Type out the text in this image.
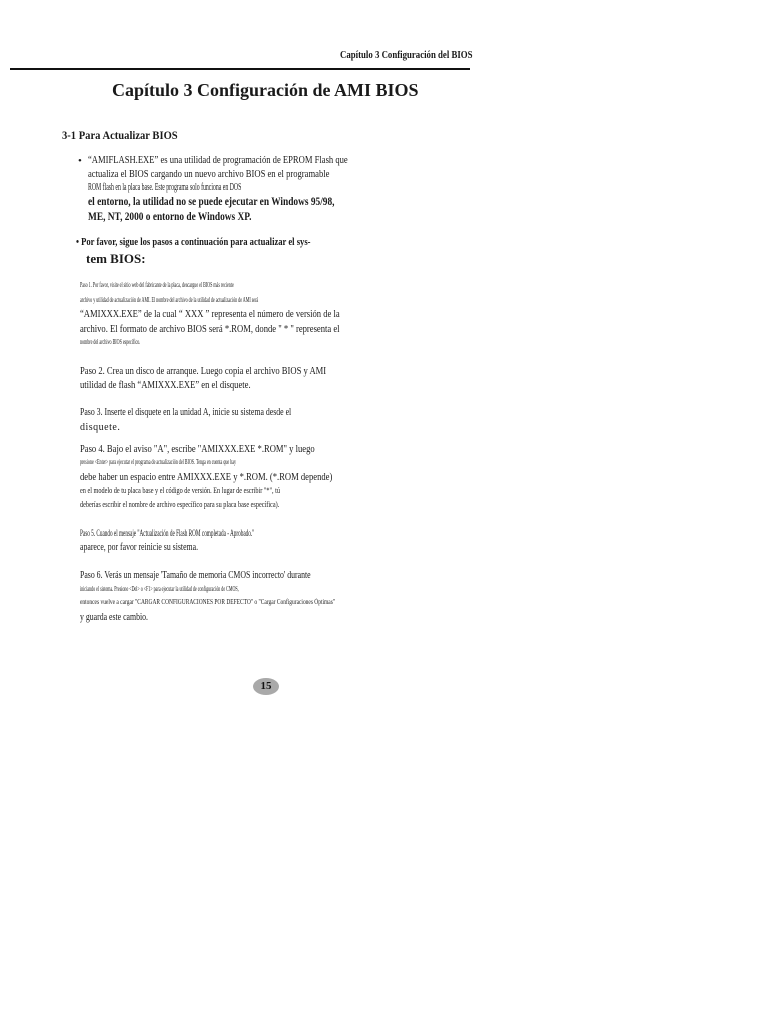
Capítulo 3 Configuración del BIOS
Capítulo 3 Configuración de AMI BIOS
3-1 Para Actualizar BIOS
• “AMIFLASH.EXE” es una utilidad de programación de EPROM Flash que
actualiza el BIOS cargando un nuevo archivo BIOS en el programable
ROM flash en la placa base. Este programa solo funciona en DOS
el entorno, la utilidad no se puede ejecutar en Windows 95/98,
ME, NT, 2000 o entorno de Windows XP.
• Por favor, sigue los pasos a continuación para actualizar el sys-
tem BIOS:
Paso 1. Por favor, visite el sitio web del fabricante de la placa, descargue el BIOS más reciente
archivo y utilidad de actualización de AMI. El nombre del archivo de la utilidad de actualización de AMI será
“AMIXXX.EXE” de la cual “ XXX ” representa el número de versión de la
archivo. El formato de archivo BIOS será *.ROM, donde " * " representa el
nombre del archivo BIOS específico.
Paso 2. Crea un disco de arranque. Luego copia el archivo BIOS y AMI
utilidad de flash “AMIXXX.EXE” en el disquete.
Paso 3. Inserte el disquete en la unidad A, inicie su sistema desde el
disquete.
Paso 4. Bajo el aviso "A", escribe "AMIXXX.EXE *.ROM" y luego
presione <Enter> para ejecutar el programa de actualización del BIOS. Tenga en cuenta que hay
debe haber un espacio entre AMIXXX.EXE y *.ROM. (*.ROM depende)
en el modelo de tu placa base y el código de versión. En lugar de escribir "*", tú
deberías escribir el nombre de archivo específico para su placa base específica).
Paso 5. Cuando el mensaje "Actualización de Flash ROM completada - Aprobado."
aparece, por favor reinicie su sistema.
Paso 6. Verás un mensaje 'Tamaño de memoria CMOS incorrecto' durante
iniciando el sistema. Presione <Del> o <F1> para ejecutar la utilidad de configuración de CMOS,
entonces vuelve a cargar "CARGAR CONFIGURACIONES POR DEFECTO" o "Cargar Configuraciones Óptimas"
y guarda este cambio.
15
